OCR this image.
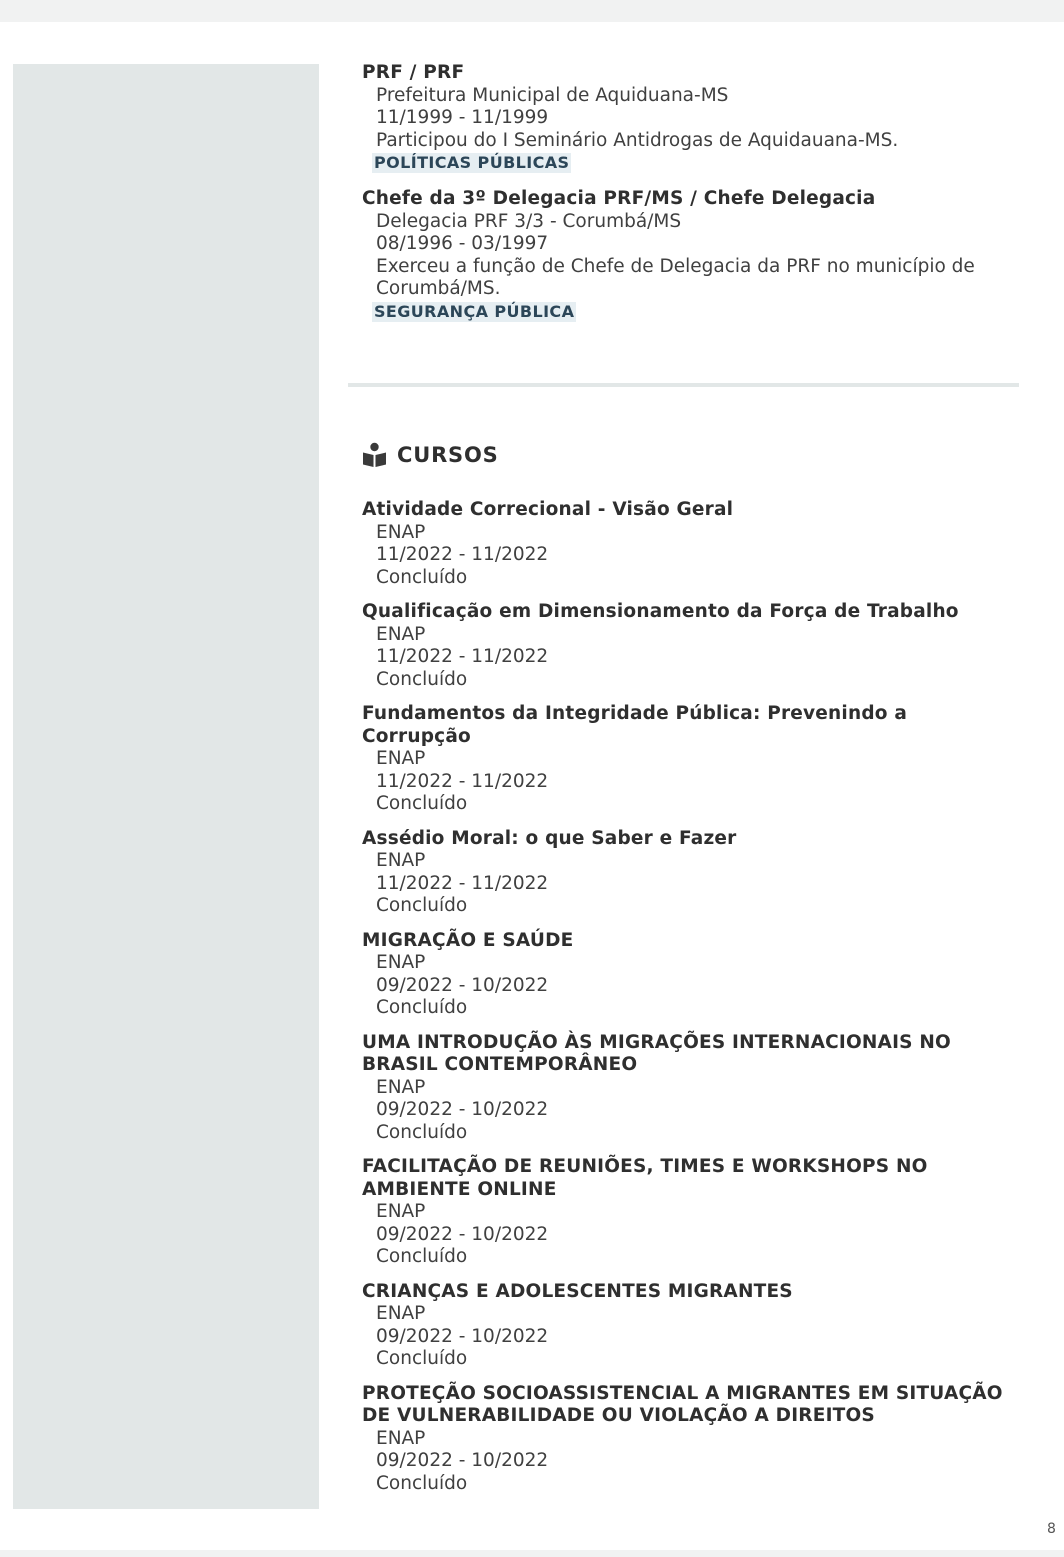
PRF / PRF
Prefeitura Municipal de Aquiduana-MS
11/1999 - 11/1999
Participou do I Seminário Antidrogas de Aquidauana-MS.
POLÍTICAS PÚBLICAS
Chefe da 3º Delegacia PRF/MS / Chefe Delegacia
Delegacia PRF 3/3 - Corumbá/MS
08/1996 - 03/1997
Exerceu a função de Chefe de Delegacia da PRF no município de Corumbá/MS.
SEGURANÇA PÚBLICA
CURSOS
Atividade Correcional - Visão Geral
ENAP
11/2022 - 11/2022
Concluído
Qualificação em Dimensionamento da Força de Trabalho
ENAP
11/2022 - 11/2022
Concluído
Fundamentos da Integridade Pública: Prevenindo a Corrupção
ENAP
11/2022 - 11/2022
Concluído
Assédio Moral: o que Saber e Fazer
ENAP
11/2022 - 11/2022
Concluído
MIGRAÇÃO E SAÚDE
ENAP
09/2022 - 10/2022
Concluído
UMA INTRODUÇÃO ÀS MIGRAÇÕES INTERNACIONAIS NO BRASIL CONTEMPORÂNEO
ENAP
09/2022 - 10/2022
Concluído
FACILITAÇÃO DE REUNIÕES, TIMES E WORKSHOPS NO AMBIENTE ONLINE
ENAP
09/2022 - 10/2022
Concluído
CRIANÇAS E ADOLESCENTES MIGRANTES
ENAP
09/2022 - 10/2022
Concluído
PROTEÇÃO SOCIOASSISTENCIAL A MIGRANTES EM SITUAÇÃO DE VULNERABILIDADE OU VIOLAÇÃO A DIREITOS
ENAP
09/2022 - 10/2022
Concluído
8
